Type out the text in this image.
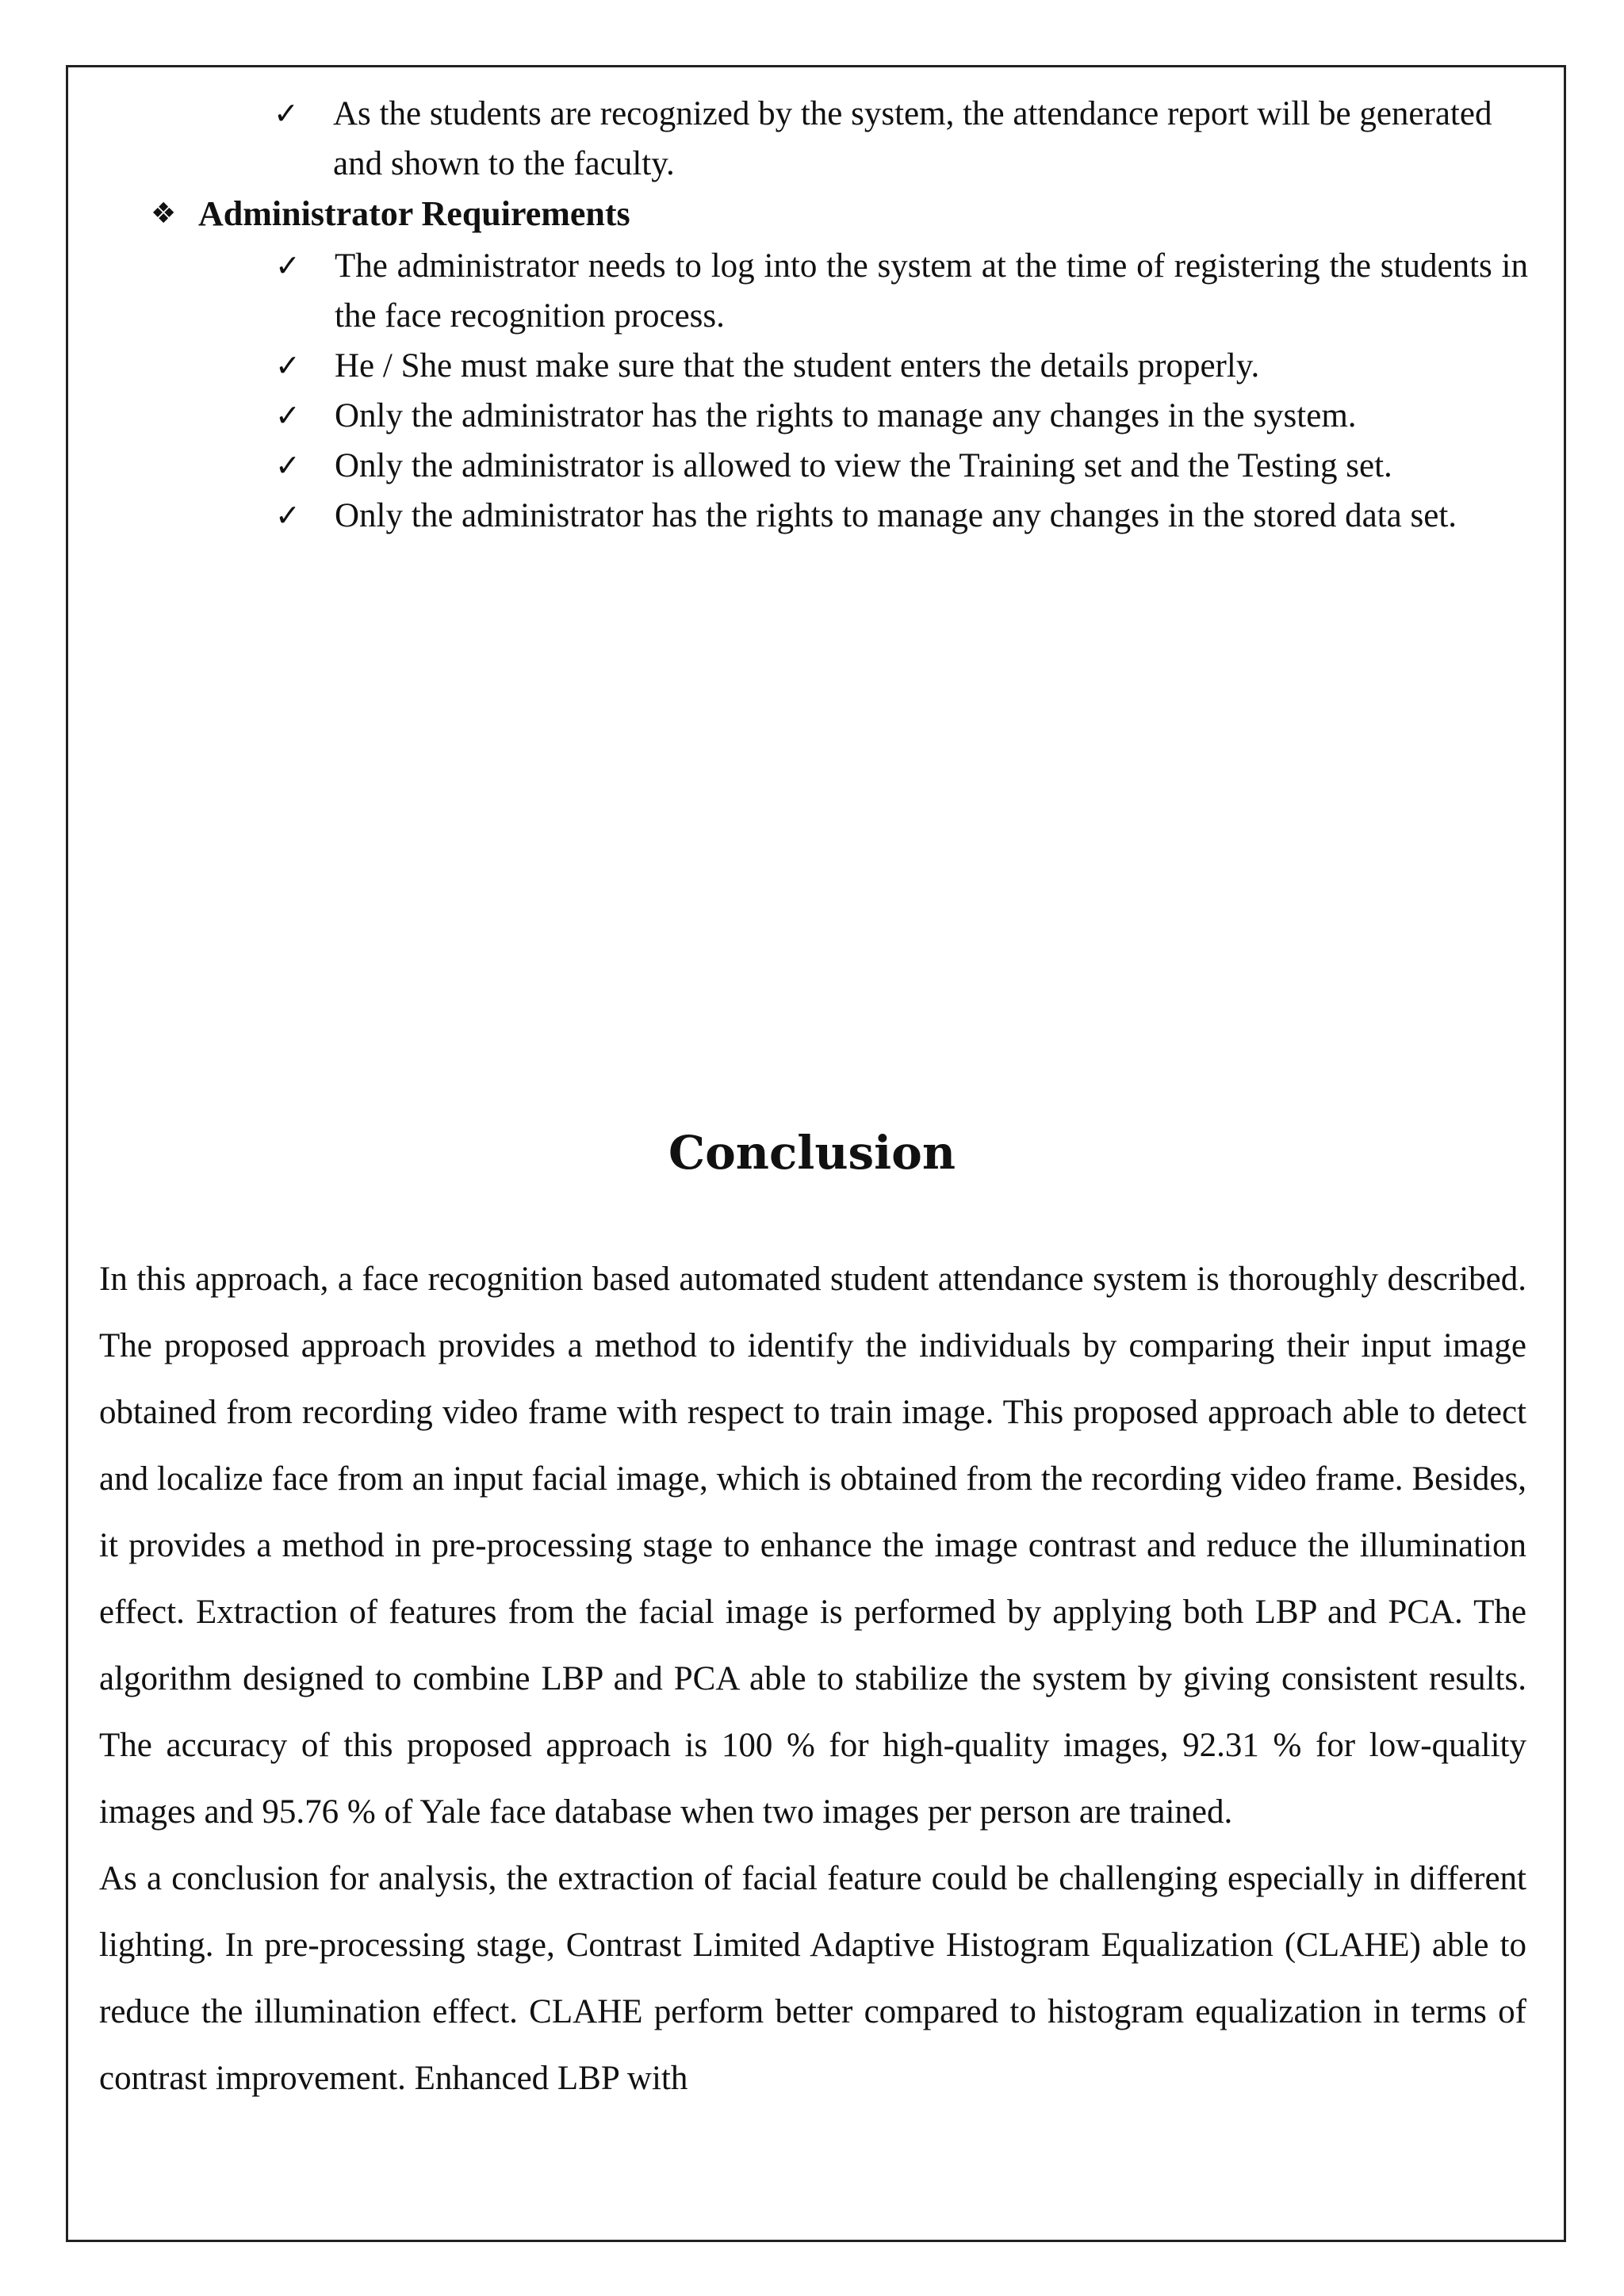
✓ As the students are recognized by the system, the attendance report will be generated and shown to the faculty.

❖ Administrator Requirements

✓ The administrator needs to log into the system at the time of registering the students in the face recognition process.

✓ He / She must make sure that the student enters the details properly.

✓ Only the administrator has the rights to manage any changes in the system.

✓ Only the administrator is allowed to view the Training set and the Testing set.

✓ Only the administrator has the rights to manage any changes in the stored data set.

Conclusion

In this approach, a face recognition based automated student attendance system is thoroughly described. The proposed approach provides a method to identify the individuals by comparing their input image obtained from recording video frame with respect to train image. This proposed approach able to detect and localize face from an input facial image, which is obtained from the recording video frame. Besides, it provides a method in pre-processing stage to enhance the image contrast and reduce the illumination effect. Extraction of features from the facial image is performed by applying both LBP and PCA. The algorithm designed to combine LBP and PCA able to stabilize the system by giving consistent results. The accuracy of this proposed approach is 100 % for high-quality images, 92.31 % for low-quality images and 95.76 % of Yale face database when two images per person are trained.

As a conclusion for analysis, the extraction of facial feature could be challenging especially in different lighting. In pre-processing stage, Contrast Limited Adaptive Histogram Equalization (CLAHE) able to reduce the illumination effect. CLAHE perform better compared to histogram equalization in terms of contrast improvement. Enhanced LBP with
